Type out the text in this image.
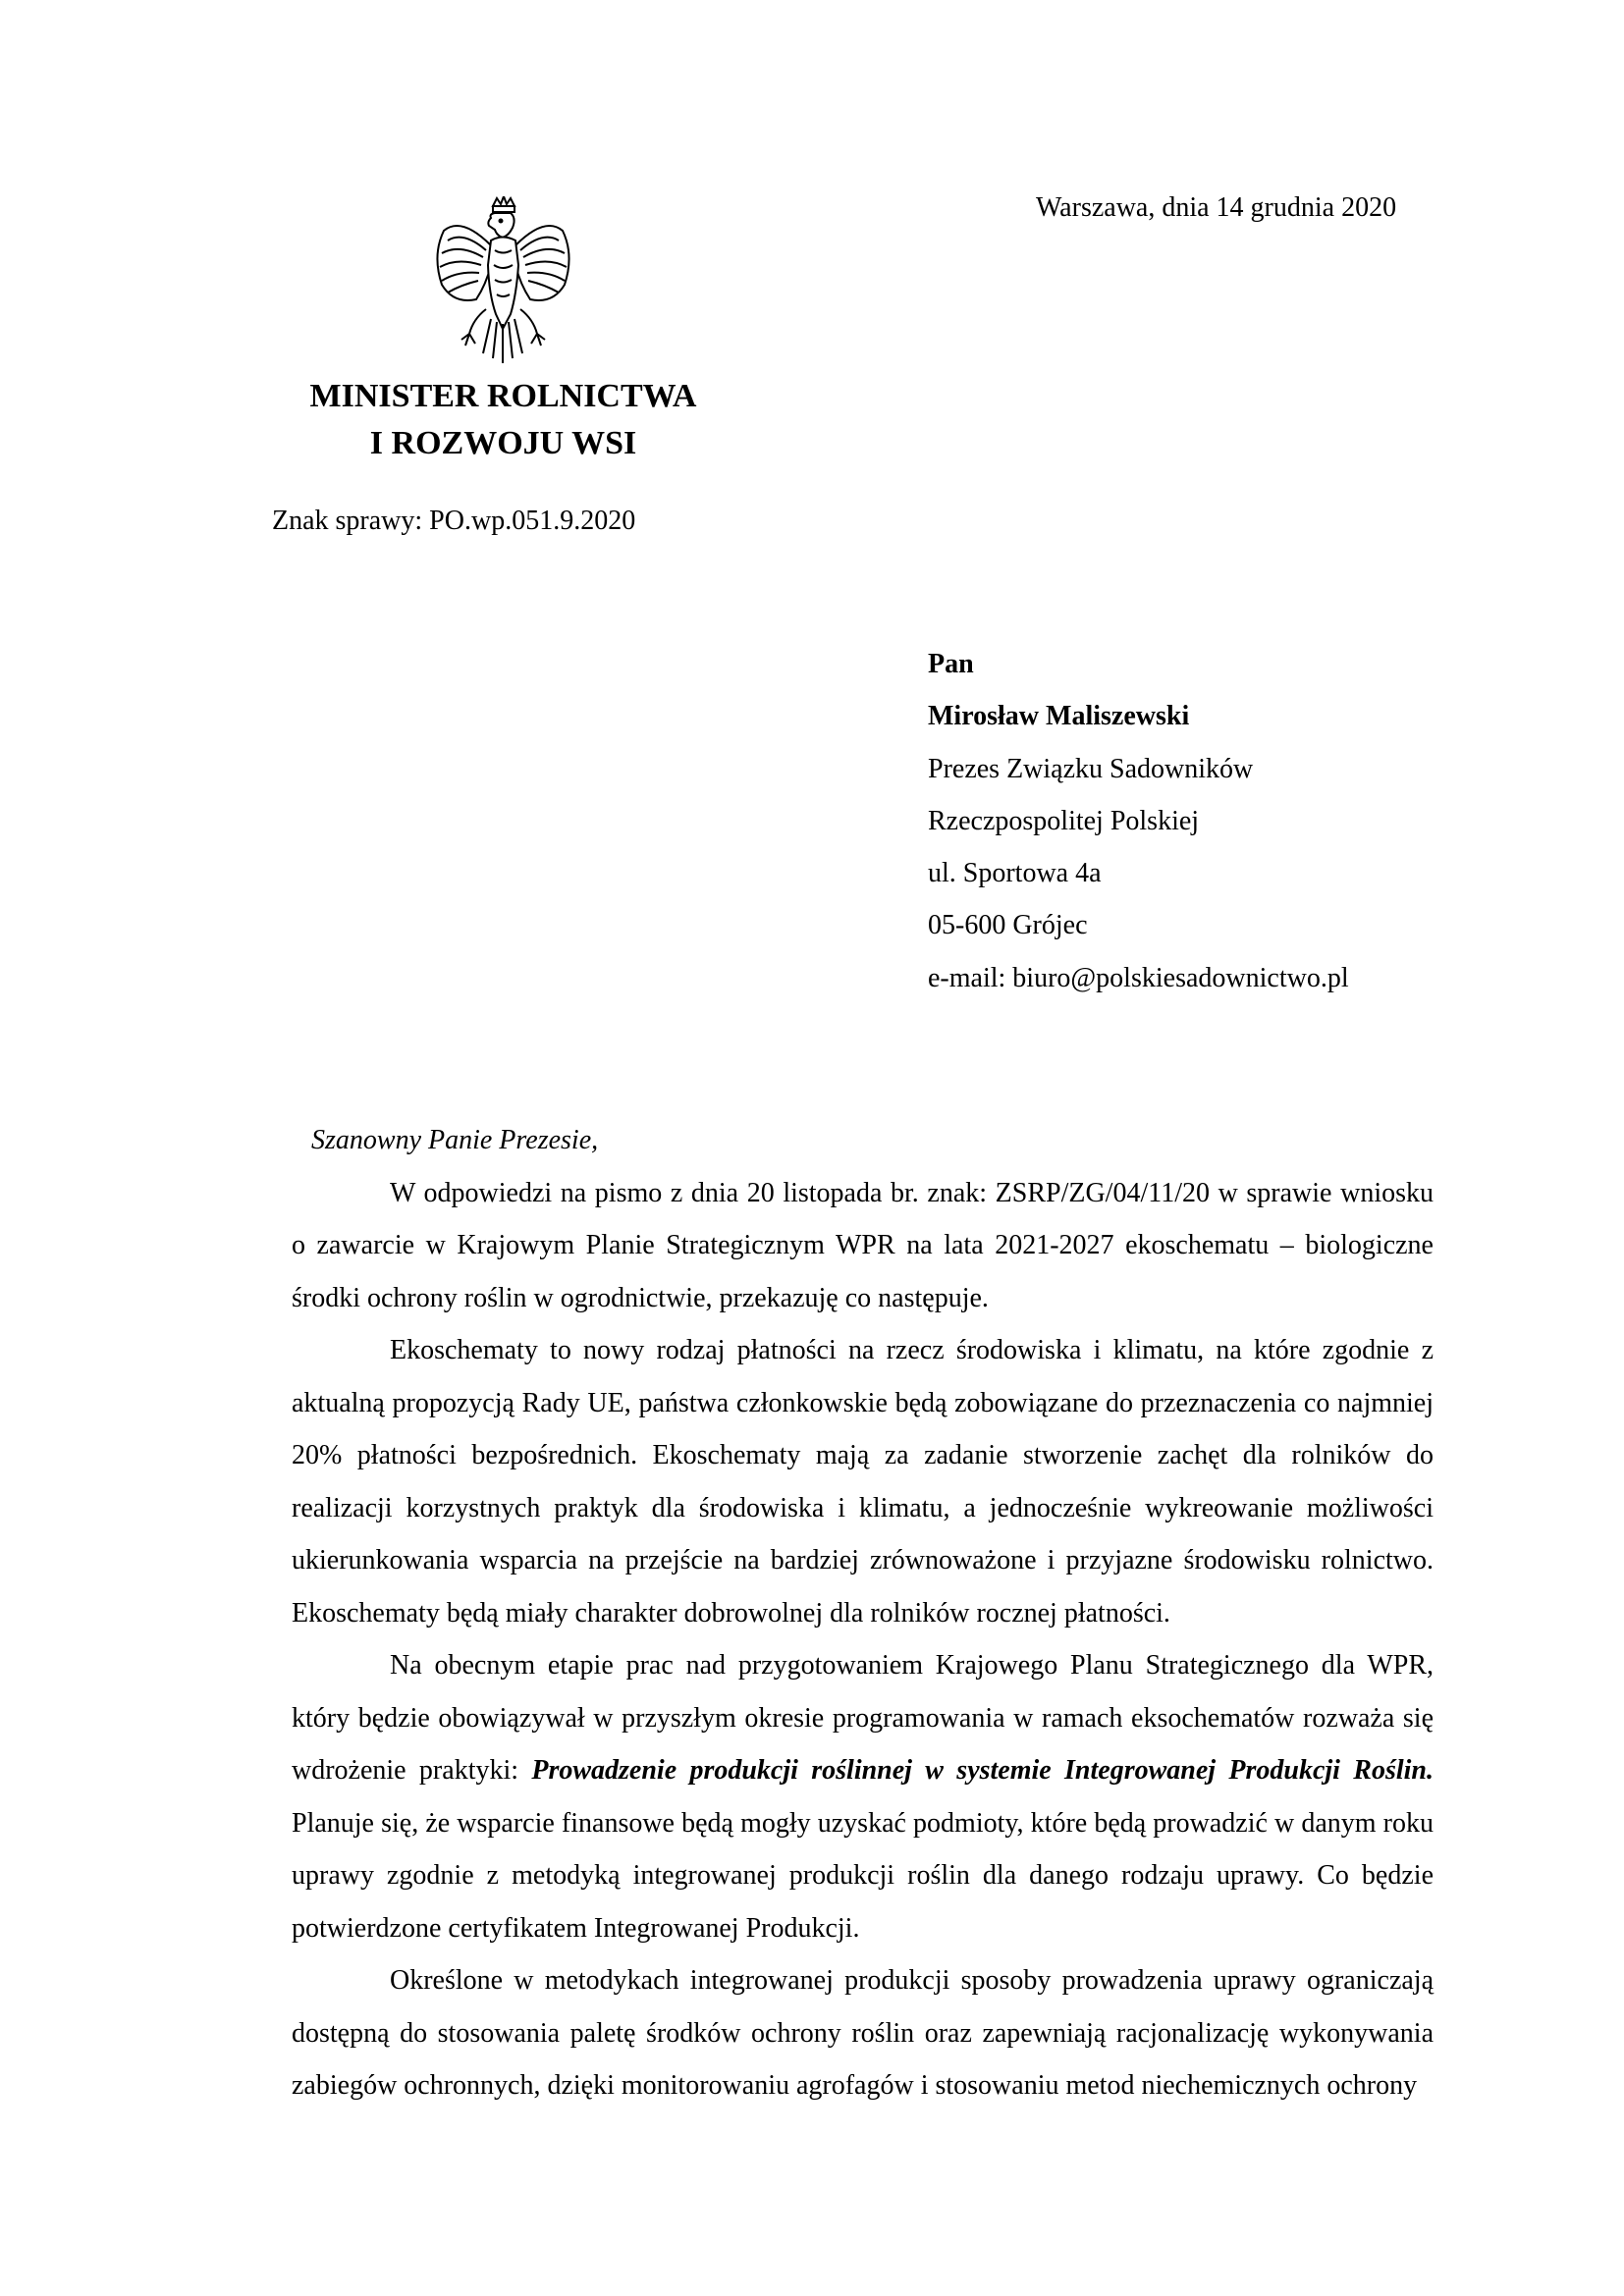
MINISTER ROLNICTWA
I ROZWOJU WSI
Znak sprawy: PO.wp.051.9.2020
Warszawa, dnia 14 grudnia 2020
Pan
Mirosław Maliszewski
Prezes Związku Sadowników
Rzeczpospolitej Polskiej
ul. Sportowa 4a
05-600 Grójec
e-mail: biuro@polskiesadownictwo.pl
Szanowny Panie Prezesie,

W odpowiedzi na pismo z dnia 20 listopada br. znak: ZSRP/ZG/04/11/20 w sprawie wniosku o zawarcie w Krajowym Planie Strategicznym WPR na lata 2021-2027 ekoschematu – biologiczne środki ochrony roślin w ogrodnictwie, przekazuję co następuje.

Ekoschematy to nowy rodzaj płatności na rzecz środowiska i klimatu, na które zgodnie z aktualną propozycją Rady UE, państwa członkowskie będą zobowiązane do przeznaczenia co najmniej 20% płatności bezpośrednich. Ekoschematy mają za zadanie stworzenie zachęt dla rolników do realizacji korzystnych praktyk dla środowiska i klimatu, a jednocześnie wykreowanie możliwości ukierunkowania wsparcia na przejście na bardziej zrównoważone i przyjazne środowisku rolnictwo. Ekoschematy będą miały charakter dobrowolnej dla rolników rocznej płatności.

Na obecnym etapie prac nad przygotowaniem Krajowego Planu Strategicznego dla WPR, który będzie obowiązywał w przyszłym okresie programowania w ramach eksochematów rozważa się wdrożenie praktyki: Prowadzenie produkcji roślinnej w systemie Integrowanej Produkcji Roślin. Planuje się, że wsparcie finansowe będą mogły uzyskać podmioty, które będą prowadzić w danym roku uprawy zgodnie z metodyką integrowanej produkcji roślin dla danego rodzaju uprawy. Co będzie potwierdzone certyfikatem Integrowanej Produkcji.

Określone w metodykach integrowanej produkcji sposoby prowadzenia uprawy ograniczają dostępną do stosowania paletę środków ochrony roślin oraz zapewniają racjonalizację wykonywania zabiegów ochronnych, dzięki monitorowaniu agrofagów i stosowaniu metod niechemicznych ochrony
